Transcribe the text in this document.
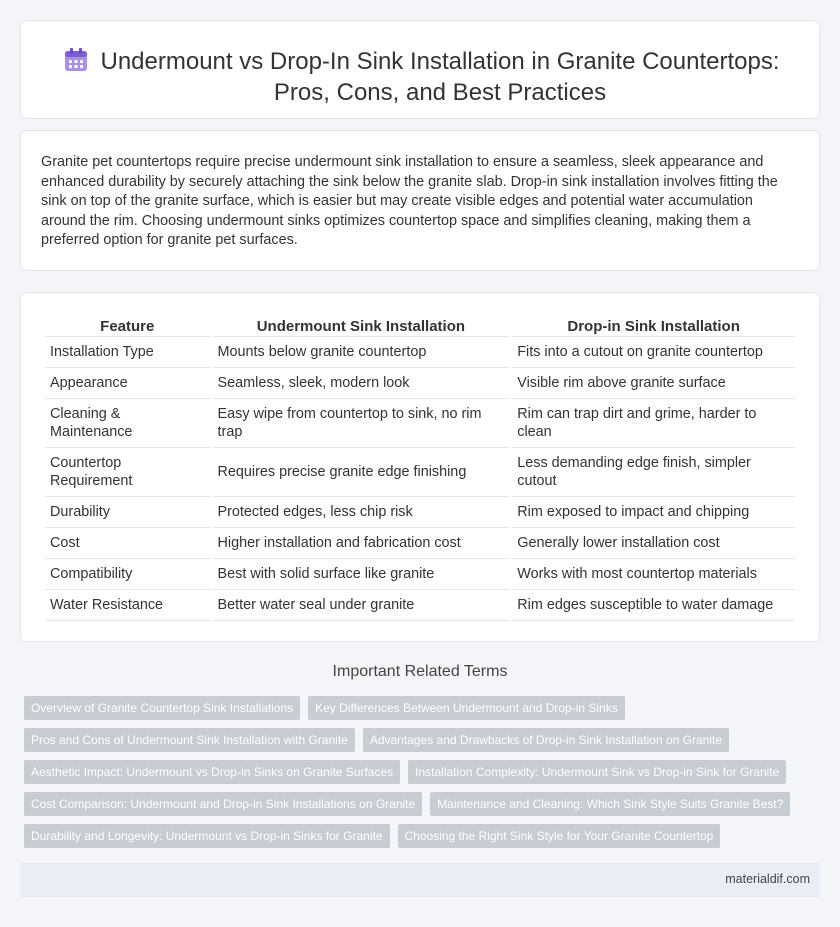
Undermount vs Drop-In Sink Installation in Granite Countertops: Pros, Cons, and Best Practices

Granite pet countertops require precise undermount sink installation to ensure a seamless, sleek appearance and enhanced durability by securely attaching the sink below the granite slab. Drop-in sink installation involves fitting the sink on top of the granite surface, which is easier but may create visible edges and potential water accumulation around the rim. Choosing undermount sinks optimizes countertop space and simplifies cleaning, making them a preferred option for granite pet surfaces.

Feature	Undermount Sink Installation	Drop-in Sink Installation
Installation Type	Mounts below granite countertop	Fits into a cutout on granite countertop
Appearance	Seamless, sleek, modern look	Visible rim above granite surface
Cleaning & Maintenance	Easy wipe from countertop to sink, no rim trap	Rim can trap dirt and grime, harder to clean
Countertop Requirement	Requires precise granite edge finishing	Less demanding edge finish, simpler cutout
Durability	Protected edges, less chip risk	Rim exposed to impact and chipping
Cost	Higher installation and fabrication cost	Generally lower installation cost
Compatibility	Best with solid surface like granite	Works with most countertop materials
Water Resistance	Better water seal under granite	Rim edges susceptible to water damage
Important Related Terms
Overview of Granite Countertop Sink Installations	Key Differences Between Undermount and Drop-in Sinks
Pros and Cons of Undermount Sink Installation with Granite	Advantages and Drawbacks of Drop-in Sink Installation on Granite
Aesthetic Impact: Undermount vs Drop-in Sinks on Granite Surfaces	Installation Complexity: Undermount Sink vs Drop-in Sink for Granite
Cost Comparison: Undermount and Drop-in Sink Installations on Granite	Maintenance and Cleaning: Which Sink Style Suits Granite Best?
Durability and Longevity: Undermount vs Drop-in Sinks for Granite	Choosing the Right Sink Style for Your Granite Countertop
materialdif.com
